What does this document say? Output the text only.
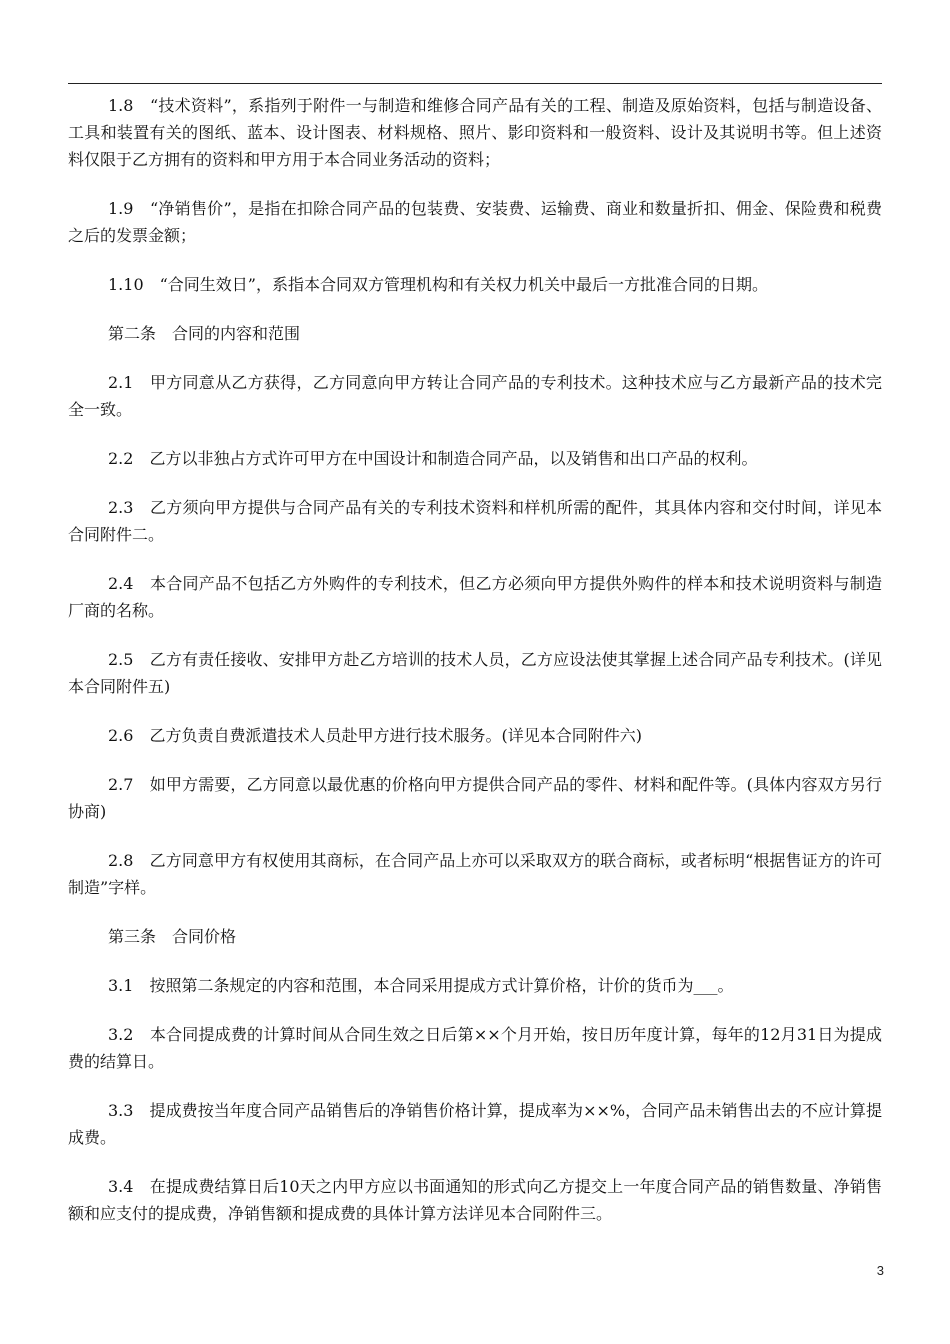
1.8　“技术资料”，系指列于附件一与制造和维修合同产品有关的工程、制造及原始资料，包括与制造设备、工具和装置有关的图纸、蓝本、设计图表、材料规格、照片、影印资料和一般资料、设计及其说明书等。但上述资料仅限于乙方拥有的资料和甲方用于本合同业务活动的资料；

1.9　“净销售价”，是指在扣除合同产品的包装费、安装费、运输费、商业和数量折扣、佣金、保险费和税费之后的发票金额；

1.10　“合同生效日”，系指本合同双方管理机构和有关权力机关中最后一方批准合同的日期。

第二条　合同的内容和范围

2.1　甲方同意从乙方获得，乙方同意向甲方转让合同产品的专利技术。这种技术应与乙方最新产品的技术完全一致。

2.2　乙方以非独占方式许可甲方在中国设计和制造合同产品，以及销售和出口产品的权利。

2.3　乙方须向甲方提供与合同产品有关的专利技术资料和样机所需的配件，其具体内容和交付时间，详见本合同附件二。

2.4　本合同产品不包括乙方外购件的专利技术，但乙方必须向甲方提供外购件的样本和技术说明资料与制造厂商的名称。

2.5　乙方有责任接收、安排甲方赴乙方培训的技术人员，乙方应设法使其掌握上述合同产品专利技术。(详见本合同附件五)

2.6　乙方负责自费派遣技术人员赴甲方进行技术服务。(详见本合同附件六)

2.7　如甲方需要，乙方同意以最优惠的价格向甲方提供合同产品的零件、材料和配件等。(具体内容双方另行协商)

2.8　乙方同意甲方有权使用其商标，在合同产品上亦可以采取双方的联合商标，或者标明“根据售证方的许可制造”字样。

第三条　合同价格

3.1　按照第二条规定的内容和范围，本合同采用提成方式计算价格，计价的货币为___。

3.2　本合同提成费的计算时间从合同生效之日后第××个月开始，按日历年度计算，每年的12月31日为提成费的结算日。

3.3　提成费按当年度合同产品销售后的净销售价格计算，提成率为××%，合同产品未销售出去的不应计算提成费。

3.4　在提成费结算日后10天之内甲方应以书面通知的形式向乙方提交上一年度合同产品的销售数量、净销售额和应支付的提成费，净销售额和提成费的具体计算方法详见本合同附件三。

3
